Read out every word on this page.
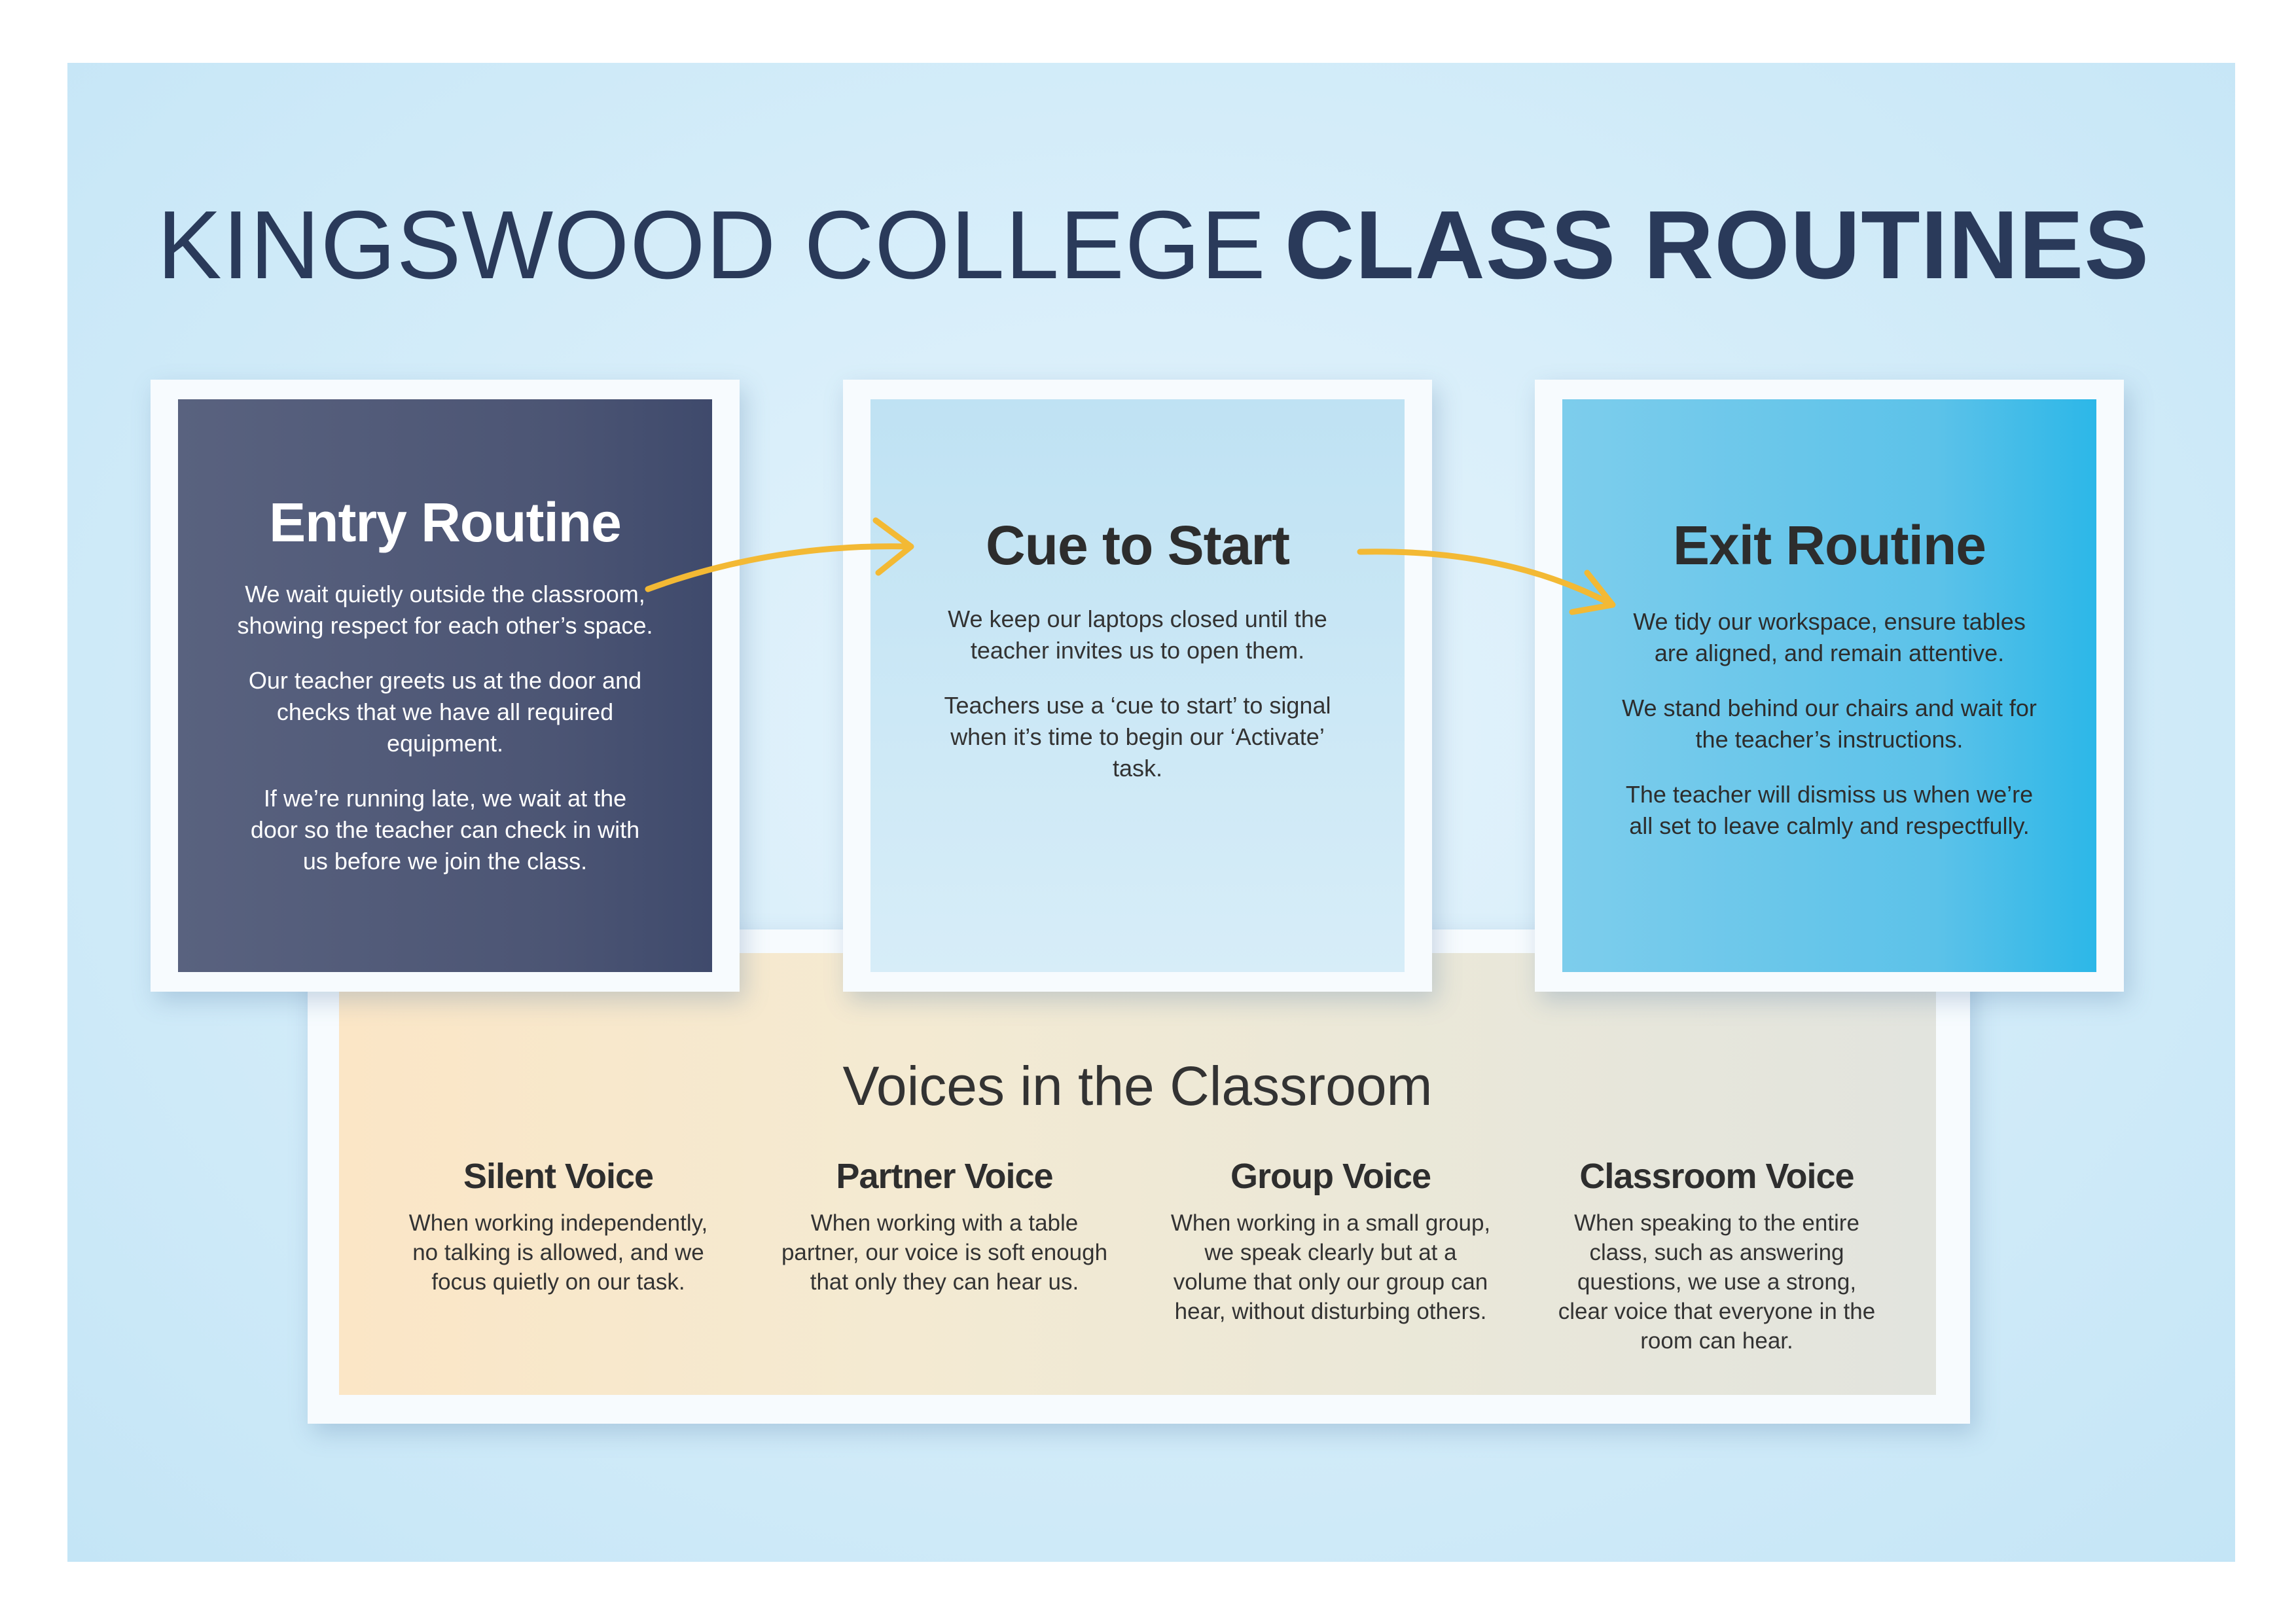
KINGSWOOD COLLEGE CLASS ROUTINES
Voices in the Classroom
Silent Voice

When working independently, no talking is allowed, and we focus quietly on our task.

Partner Voice

When working with a table partner, our voice is soft enough that only they can hear us.

Group Voice

When working in a small group, we speak clearly but at a volume that only our group can hear, without disturbing others.

Classroom Voice

When speaking to the entire class, such as answering questions, we use a strong, clear voice that everyone in the room can hear.

Entry Routine

We wait quietly outside the classroom, showing respect for each other’s space.

Our teacher greets us at the door and checks that we have all required equipment.

If we’re running late, we wait at the door so the teacher can check in with us before we join the class.

Cue to Start

We keep our laptops closed until the teacher invites us to open them.

Teachers use a ‘cue to start’ to signal when it’s time to begin our ‘Activate’ task.

Exit Routine

We tidy our workspace, ensure tables are aligned, and remain attentive.

We stand behind our chairs and wait for the teacher’s instructions.

The teacher will dismiss us when we’re all set to leave calmly and respectfully.
